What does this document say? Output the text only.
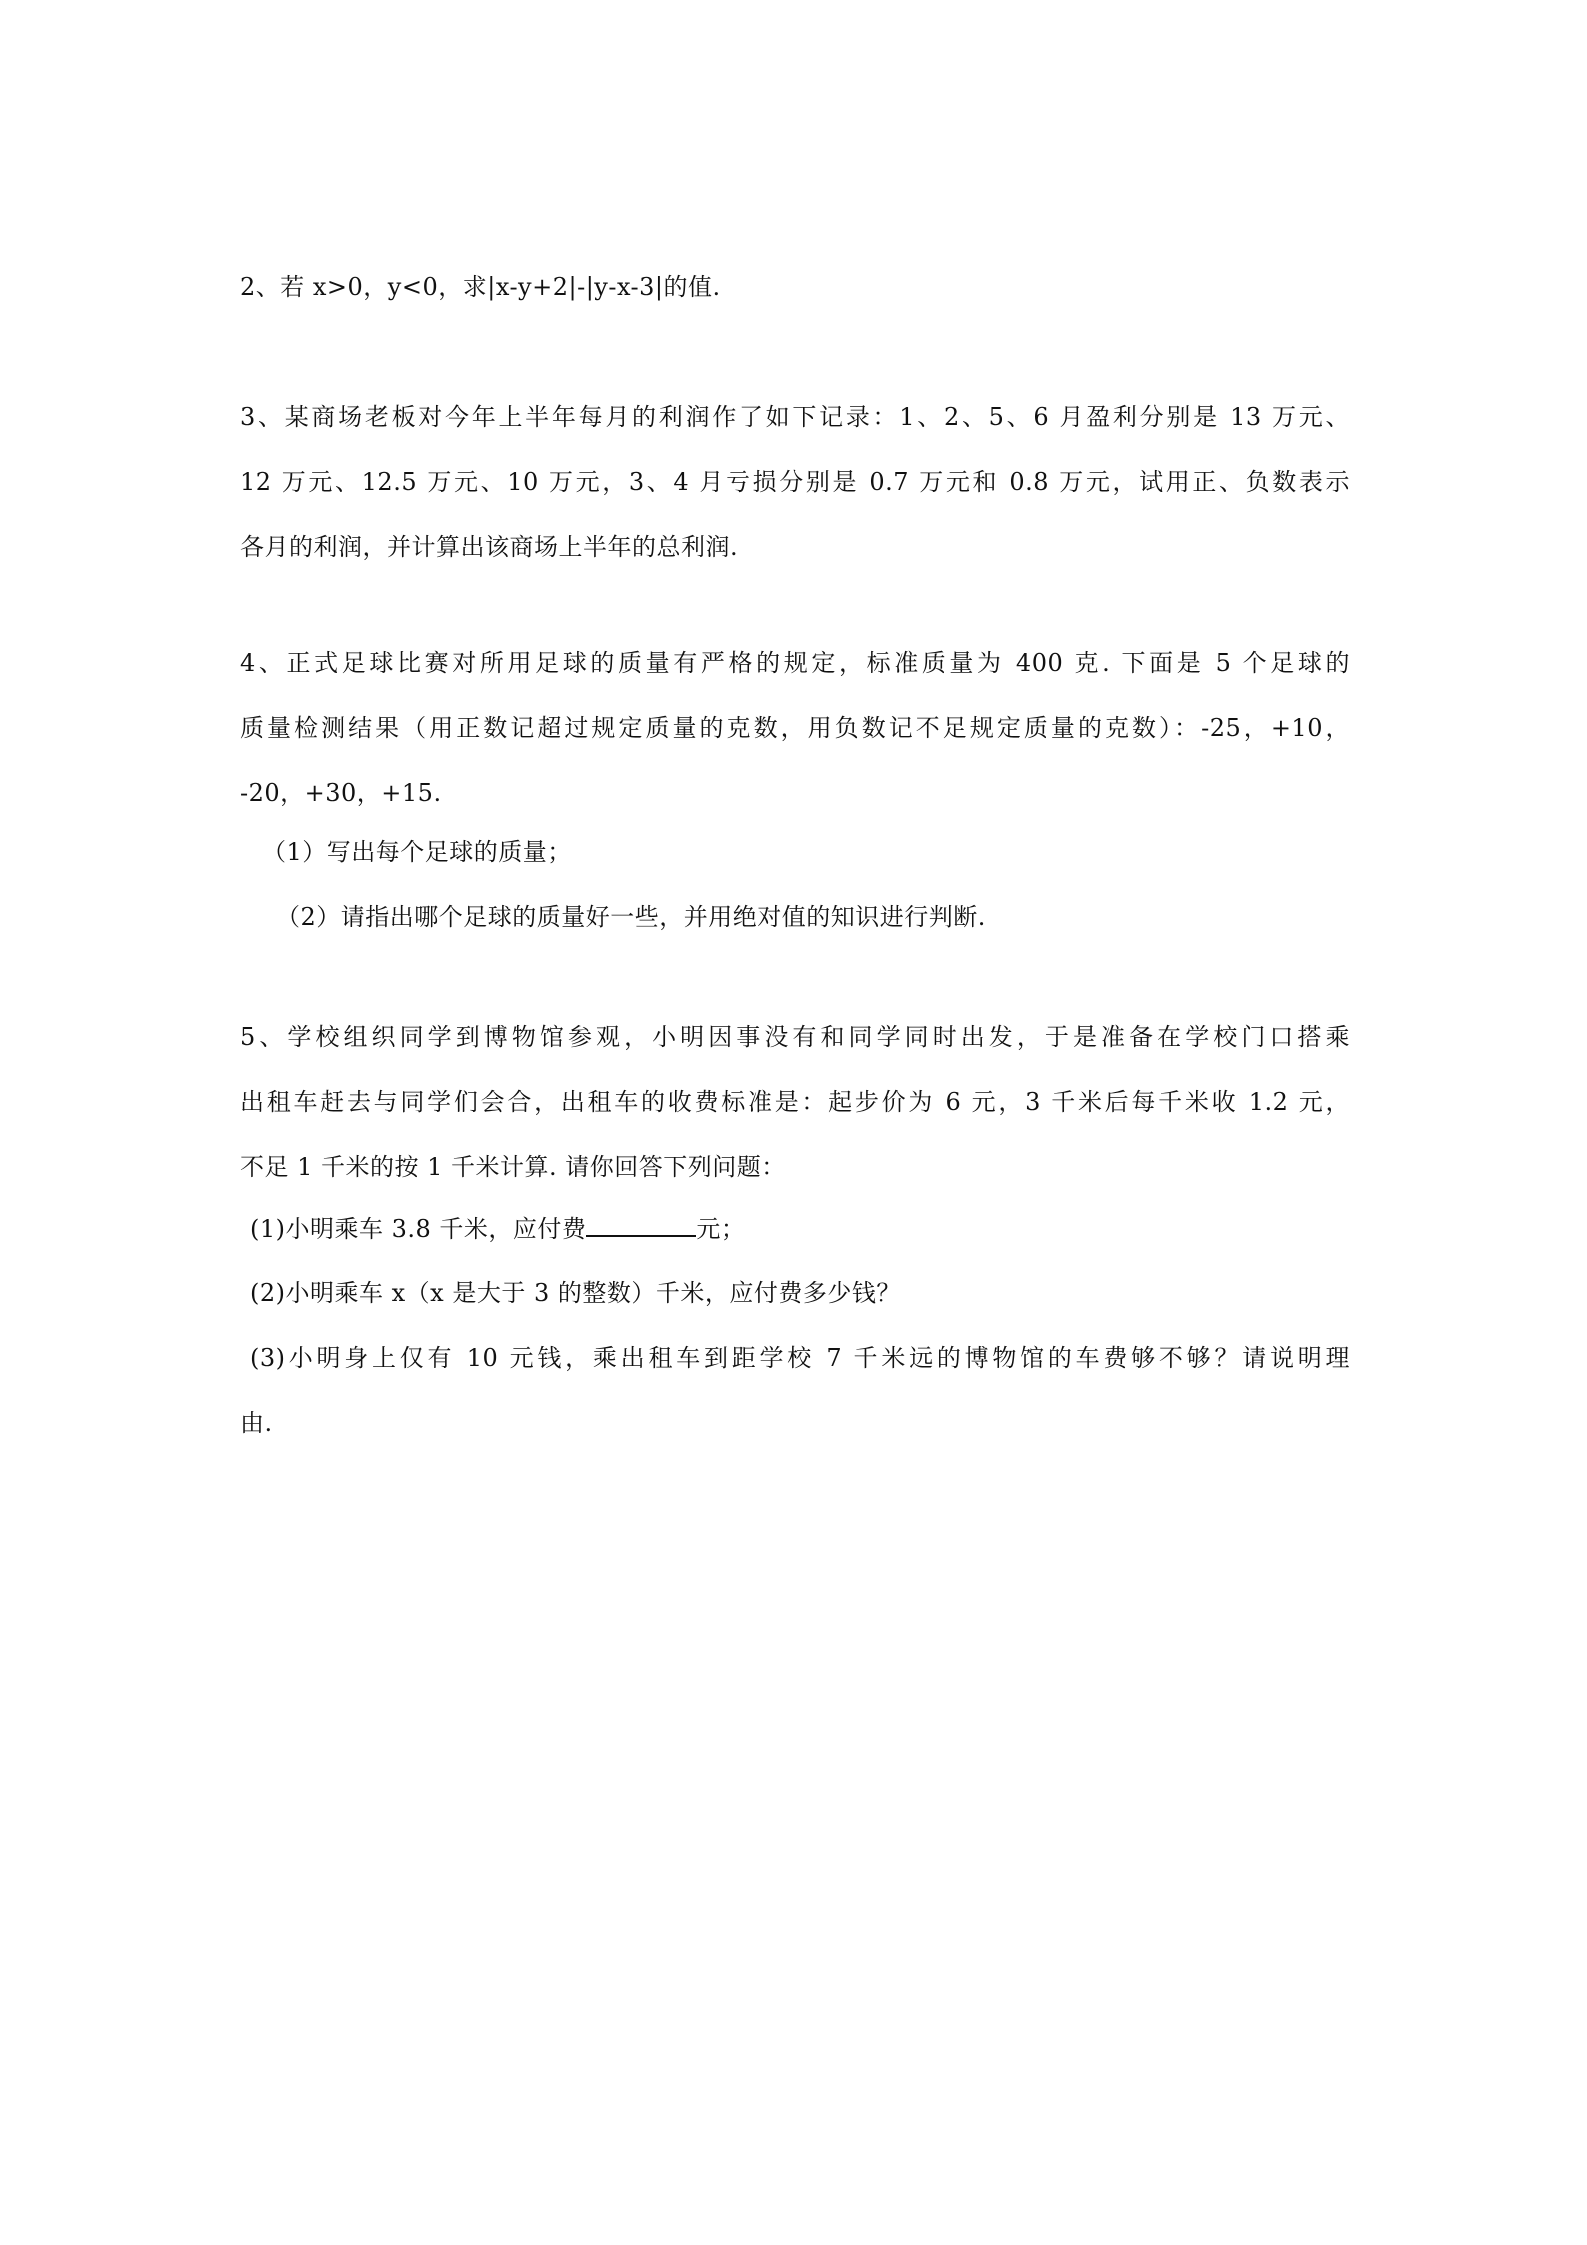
2、若 x>0，y<0，求|x-y+2|-|y-x-3|的值.
3、某商场老板对今年上半年每月的利润作了如下记录：1、2、5、6 月盈利分别是 13 万元、
12 万元、12.5 万元、10 万元，3、4 月亏损分别是 0.7 万元和 0.8 万元，试用正、负数表示
各月的利润，并计算出该商场上半年的总利润.
4、正式足球比赛对所用足球的质量有严格的规定，标准质量为 400 克. 下面是 5 个足球的
质量检测结果（用正数记超过规定质量的克数，用负数记不足规定质量的克数）：-25，+10，
-20，+30，+15.
（1）写出每个足球的质量；
（2）请指出哪个足球的质量好一些，并用绝对值的知识进行判断.
5、学校组织同学到博物馆参观，小明因事没有和同学同时出发，于是准备在学校门口搭乘
出租车赶去与同学们会合，出租车的收费标准是：起步价为 6 元，3 千米后每千米收 1.2 元，
不足 1 千米的按 1 千米计算. 请你回答下列问题：
(1)小明乘车 3.8 千米，应付费	元；
(2)小明乘车 x（x 是大于 3 的整数）千米，应付费多少钱？
(3)小明身上仅有 10 元钱，乘出租车到距学校 7 千米远的博物馆的车费够不够？请说明理
由.
